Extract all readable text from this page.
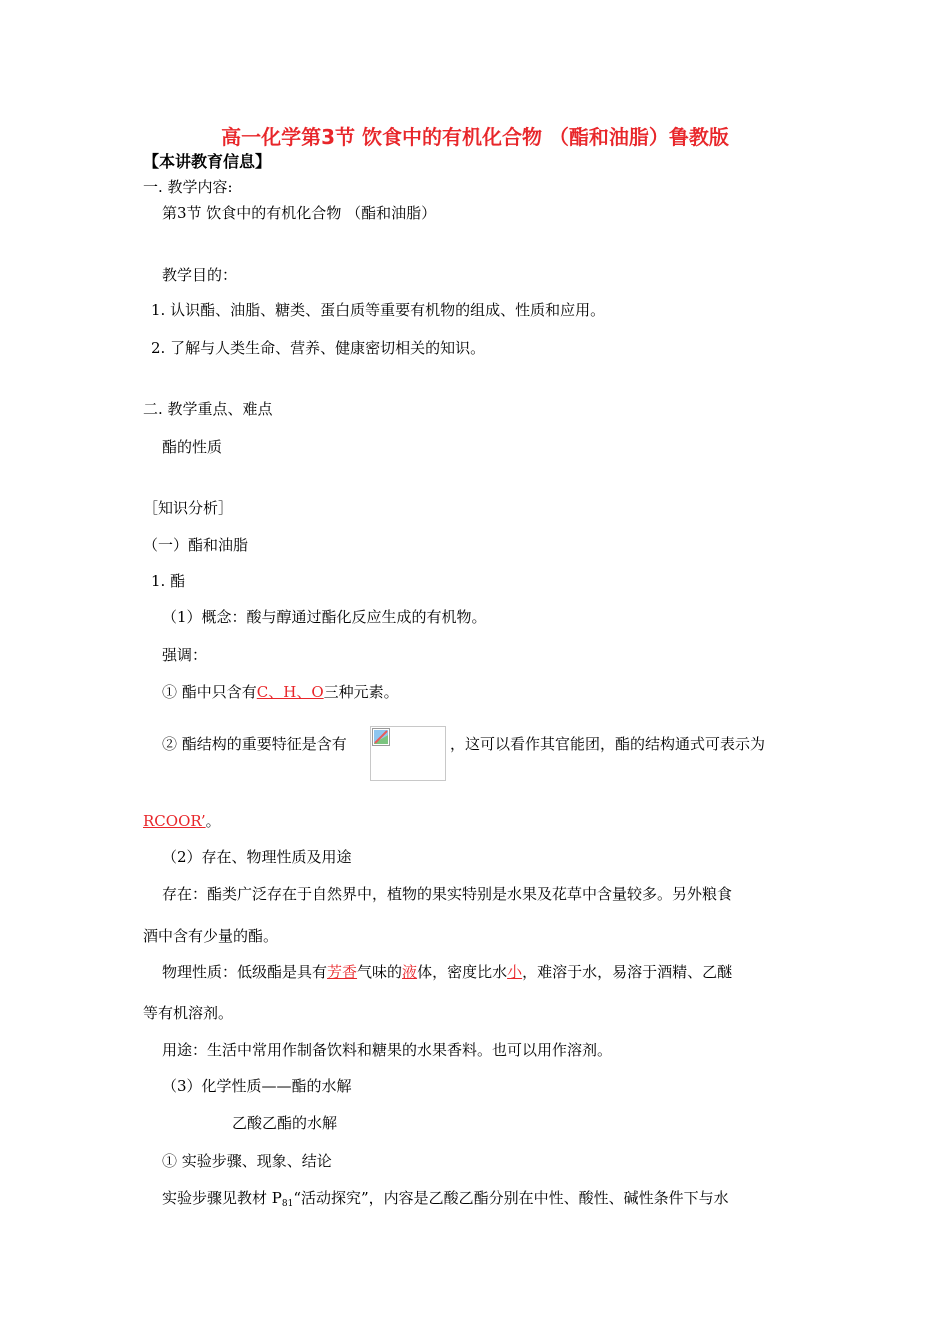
高一化学第3节 饮食中的有机化合物 （酯和油脂）鲁教版
【本讲教育信息】
一. 教学内容:
第3节 饮食中的有机化合物 （酯和油脂）
教学目的：
1. 认识酯、油脂、糖类、蛋白质等重要有机物的组成、性质和应用。
2. 了解与人类生命、营养、健康密切相关的知识。
二. 教学重点、难点
酯的性质
［知识分析］
（一）酯和油脂
1. 酯
（1）概念：酸与醇通过酯化反应生成的有机物。
强调：
① 酯中只含有C、H、O三种元素。
② 酯结构的重要特征是含有	，这可以看作其官能团，酯的结构通式可表示为
RCOOR’。
（2）存在、物理性质及用途
存在：酯类广泛存在于自然界中，植物的果实特别是水果及花草中含量较多。另外粮食
酒中含有少量的酯。
物理性质：低级酯是具有芳香气味的液体，密度比水小，难溶于水，易溶于酒精、乙醚
等有机溶剂。
用途：生活中常用作制备饮料和糖果的水果香料。也可以用作溶剂。
（3）化学性质——酯的水解
乙酸乙酯的水解
① 实验步骤、现象、结论
实验步骤见教材 $P_{81}“$活动探究”，内容是乙酸乙酯分别在中性、酸性、碱性条件下与水
